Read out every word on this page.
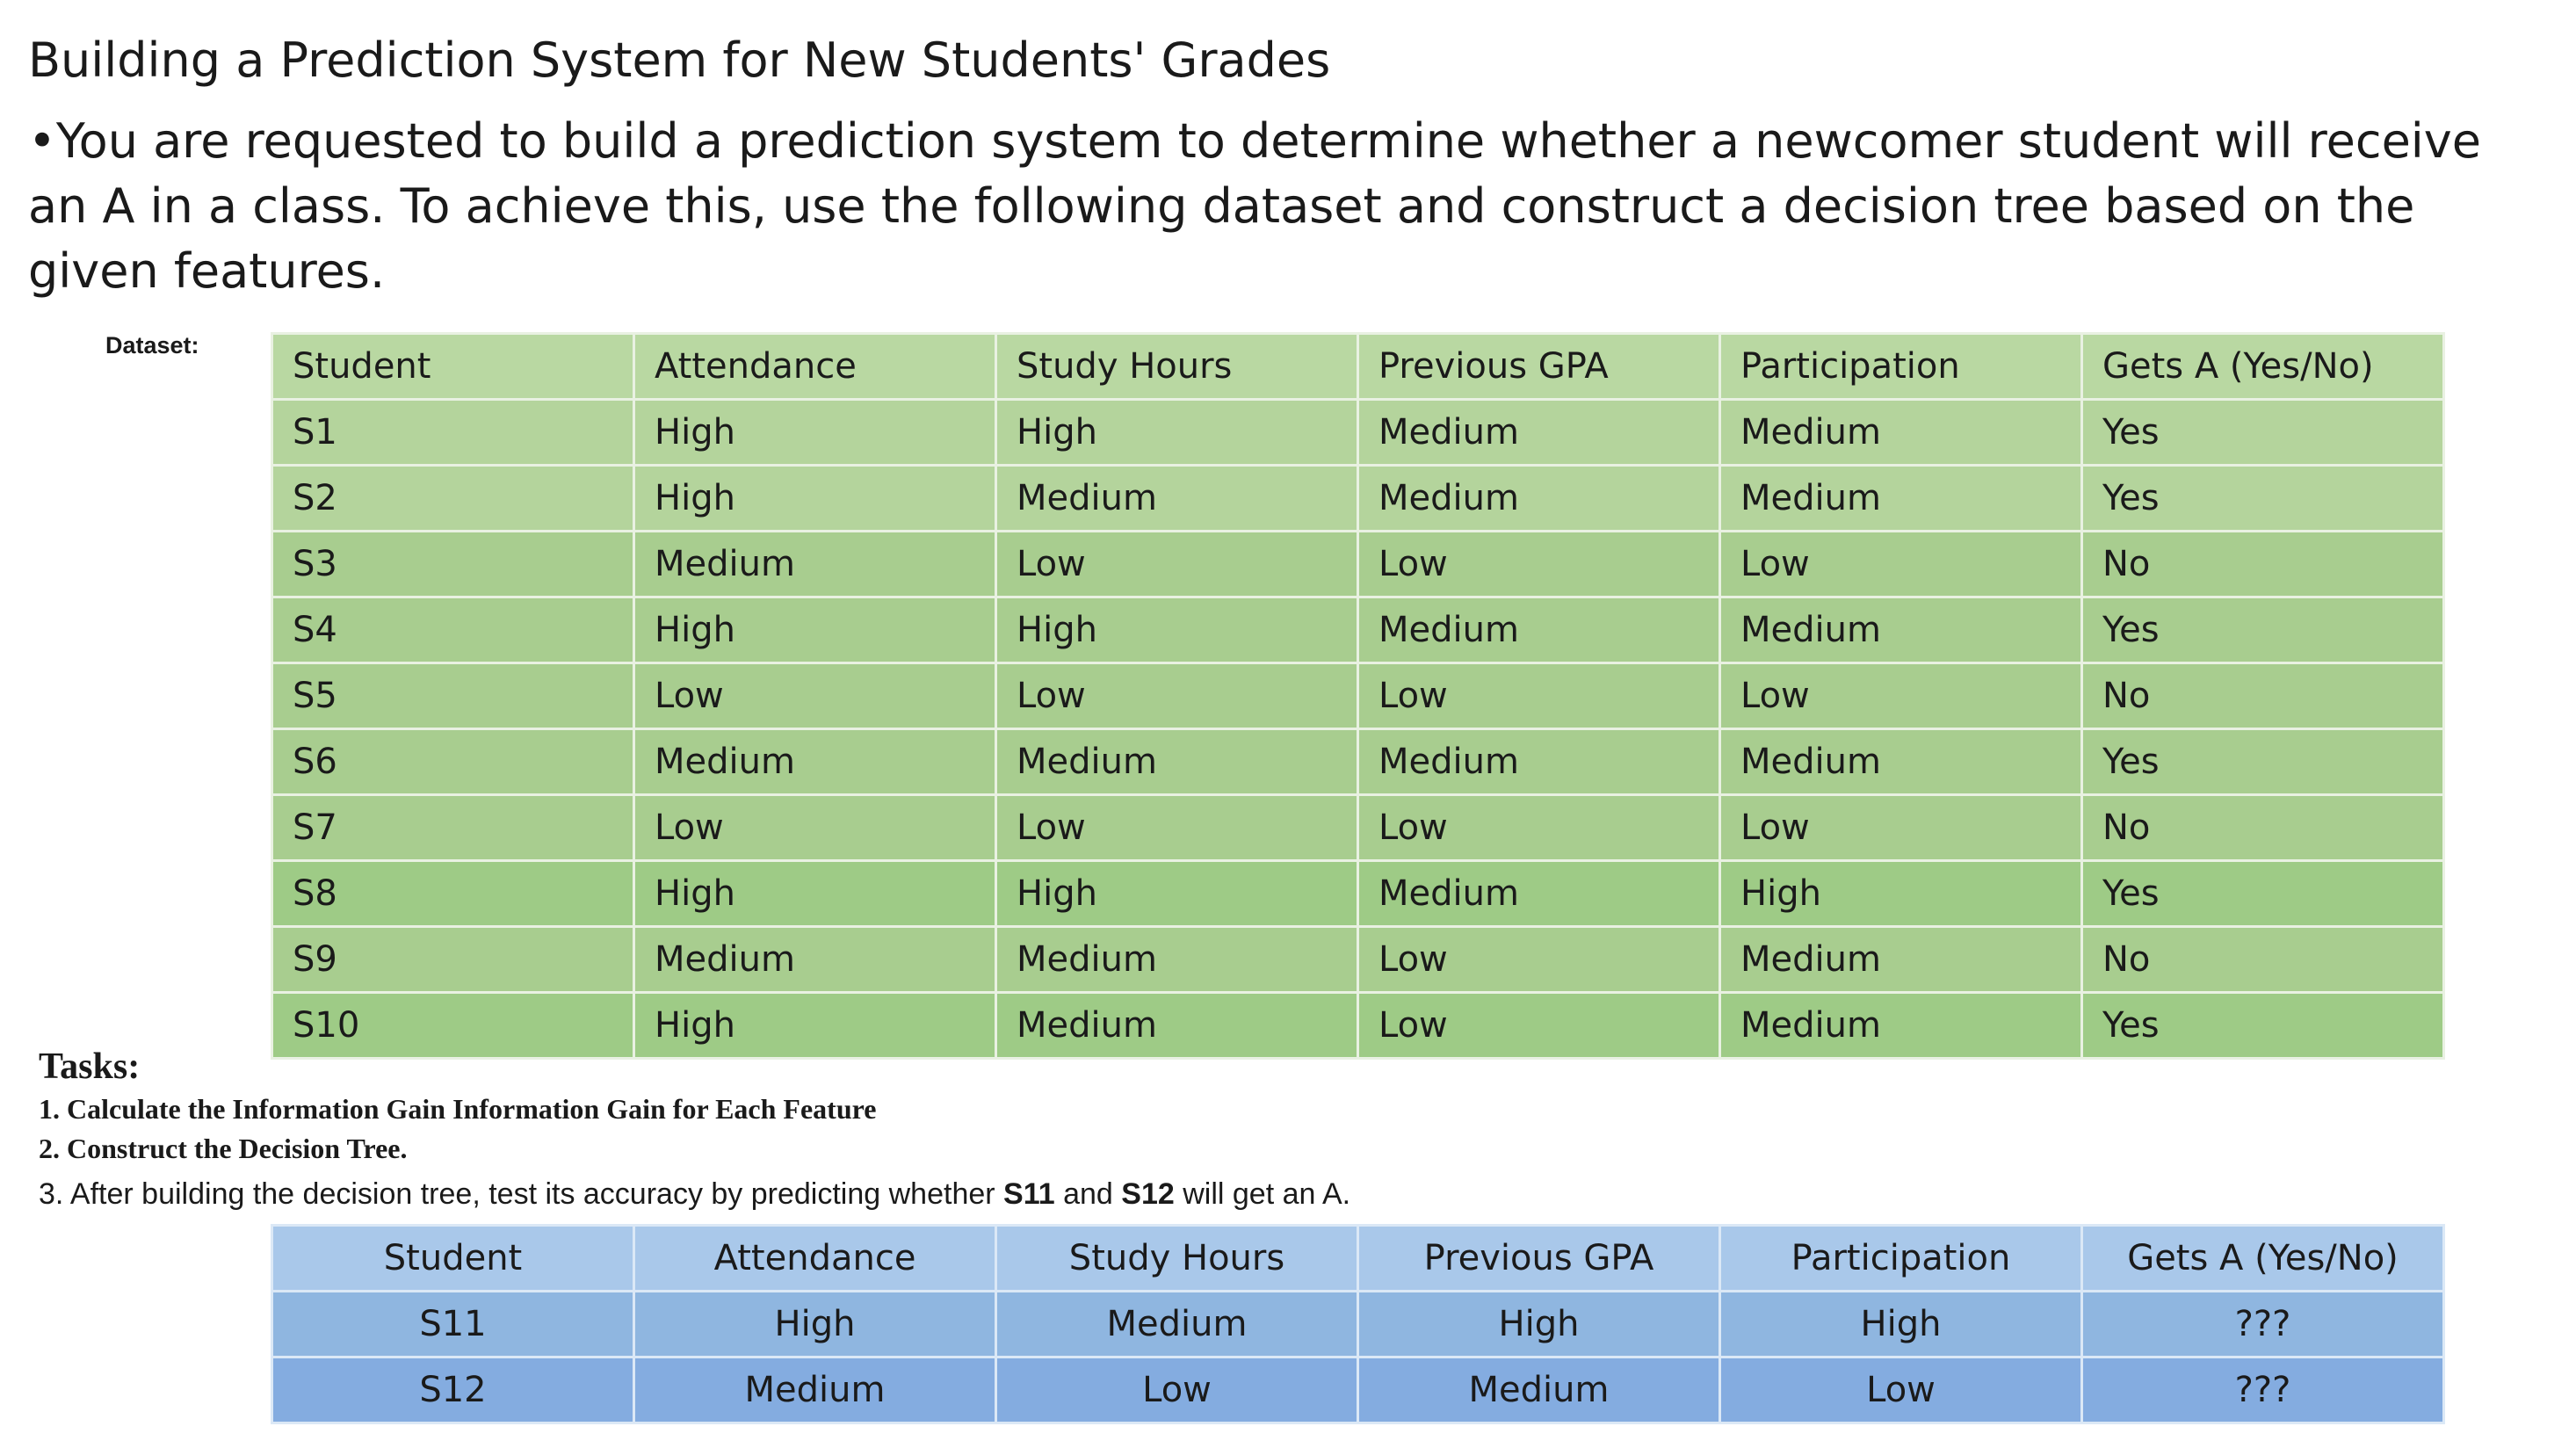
Building a Prediction System for New Students' Grades
•You are requested to build a prediction system to determine whether a newcomer student will receive an A in a class. To achieve this, use the following dataset and construct a decision tree based on the given features.
Dataset:
Student	Attendance	Study Hours	Previous GPA	Participation	Gets A (Yes/No)
S1	High	High	Medium	Medium	Yes
S2	High	Medium	Medium	Medium	Yes
S3	Medium	Low	Low	Low	No
S4	High	High	Medium	Medium	Yes
S5	Low	Low	Low	Low	No
S6	Medium	Medium	Medium	Medium	Yes
S7	Low	Low	Low	Low	No
S8	High	High	Medium	High	Yes
S9	Medium	Medium	Low	Medium	No
S10	High	Medium	Low	Medium	Yes
Tasks:
1. Calculate the Information Gain Information Gain for Each Feature
2. Construct the Decision Tree.
3. After building the decision tree, test its accuracy by predicting whether S11 and S12 will get an A.
Student	Attendance	Study Hours	Previous GPA	Participation	Gets A (Yes/No)
S11	High	Medium	High	High	???
S12	Medium	Low	Medium	Low	???
